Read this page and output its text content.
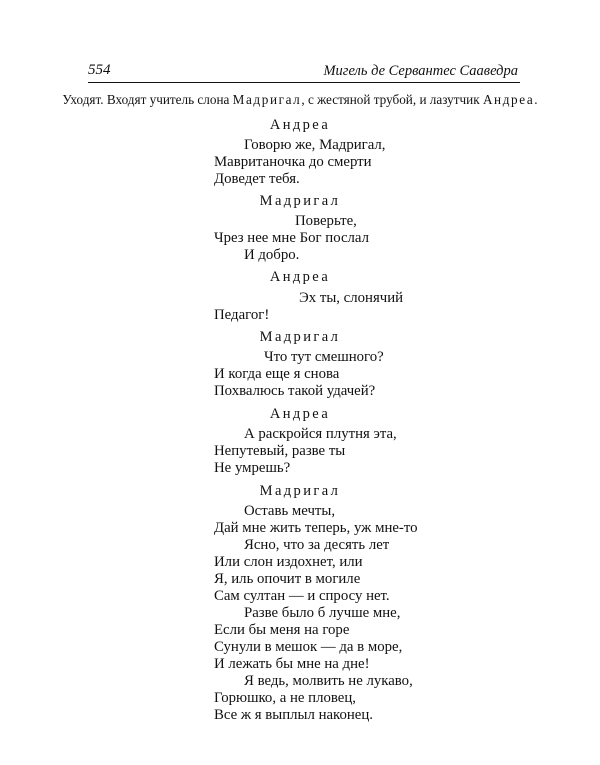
554	Мигель де Сервантес Сааведра
Уходят. Входят учитель слона Мадригал, с жестяной трубой, и лазутчик Андреа.
Андреа
Говорю же, Мадригал,
Мавританочка до смерти
Доведет тебя.
Мадригал
Поверьте,
Чрез нее мне Бог послал
И добро.
Андреа
Эх ты, слонячий
Педагог!
Мадригал
Что тут смешного?
И когда еще я снова
Похвалюсь такой удачей?
Андреа
А раскройся плутня эта,
Непутевый, разве ты
Не умрешь?
Мадригал
Оставь мечты,
Дай мне жить теперь, уж мне-то
Ясно, что за десять лет
Или слон издохнет, или
Я, иль опочит в могиле
Сам султан — и спросу нет.
Разве было б лучше мне,
Если бы меня на горе
Сунули в мешок — да в море,
И лежать бы мне на дне!
Я ведь, молвить не лукаво,
Горюшко, а не пловец,
Все ж я выплыл наконец.
